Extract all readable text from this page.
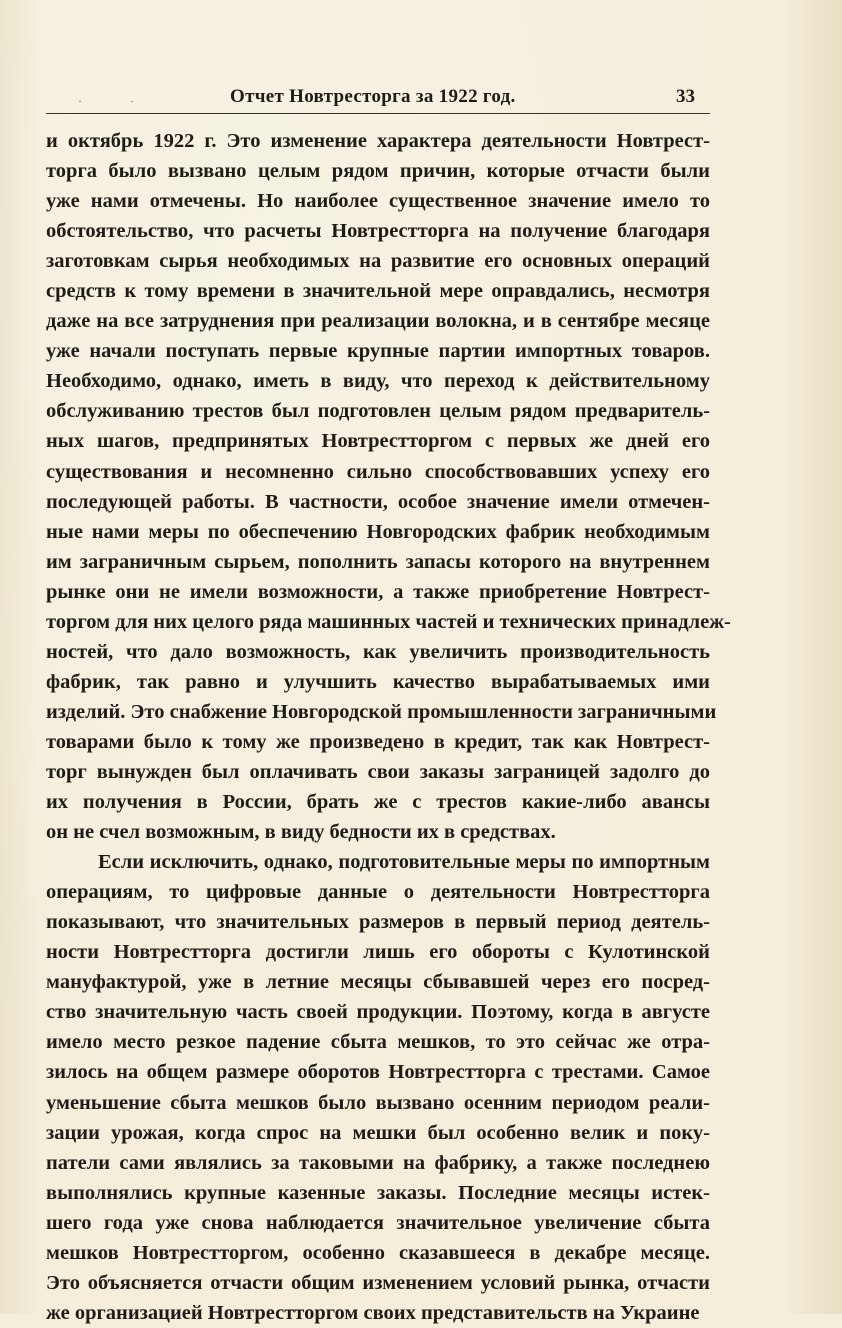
·	·	Отчет Новтресторга за 1922 год.	33
и октябрь 1922 г. Это изменение характера деятельности Новтрест-
торга было вызвано целым рядом причин, которые отчасти были
уже нами отмечены. Но наиболее существенное значение имело то
обстоятельство, что расчеты Новтрестторга на получение благодаря
заготовкам сырья необходимых на развитие его основных операций
средств к тому времени в значительной мере оправдались, несмотря
даже на все затруднения при реализации волокна, и в сентябре месяце
уже начали поступать первые крупные партии импортных товаров.
Необходимо, однако, иметь в виду, что переход к действительному
обслуживанию трестов был подготовлен целым рядом предваритель-
ных шагов, предпринятых Новтрестторгом с первых же дней его
существования и несомненно сильно способствовавших успеху его
последующей работы. В частности, особое значение имели отмечен-
ные нами меры по обеспечению Новгородских фабрик необходимым
им заграничным сырьем, пополнить запасы которого на внутреннем
рынке они не имели возможности, а также приобретение Новтрест-
торгом для них целого ряда машинных частей и технических принадлеж-
ностей, что дало возможность, как увеличить производительность
фабрик, так равно и улучшить качество вырабатываемых ими
изделий. Это снабжение Новгородской промышленности заграничными
товарами было к тому же произведено в кредит, так как Новтрест-
торг вынужден был оплачивать свои заказы заграницей задолго до
их получения в России, брать же с трестов какие-либо авансы
он не счел возможным, в виду бедности их в средствах.
Если исключить, однако, подготовительные меры по импортным
операциям, то цифровые данные о деятельности Новтрестторга
показывают, что значительных размеров в первый период деятель-
ности Новтрестторга достигли лишь его обороты с Кулотинской
мануфактурой, уже в летние месяцы сбывавшей через его посред-
ство значительную часть своей продукции. Поэтому, когда в августе
имело место резкое падение сбыта мешков, то это сейчас же отра-
зилось на общем размере оборотов Новтрестторга с трестами. Самое
уменьшение сбыта мешков было вызвано осенним периодом реали-
зации урожая, когда спрос на мешки был особенно велик и поку-
патели сами являлись за таковыми на фабрику, а также последнею
выполнялись крупные казенные заказы. Последние месяцы истек-
шего года уже снова наблюдается значительное увеличение сбыта
мешков Новтрестторгом, особенно сказавшееся в декабре месяце.
Это объясняется отчасти общим изменением условий рынка, отчасти
же организацией Новтрестторгом своих представительств на Украине
